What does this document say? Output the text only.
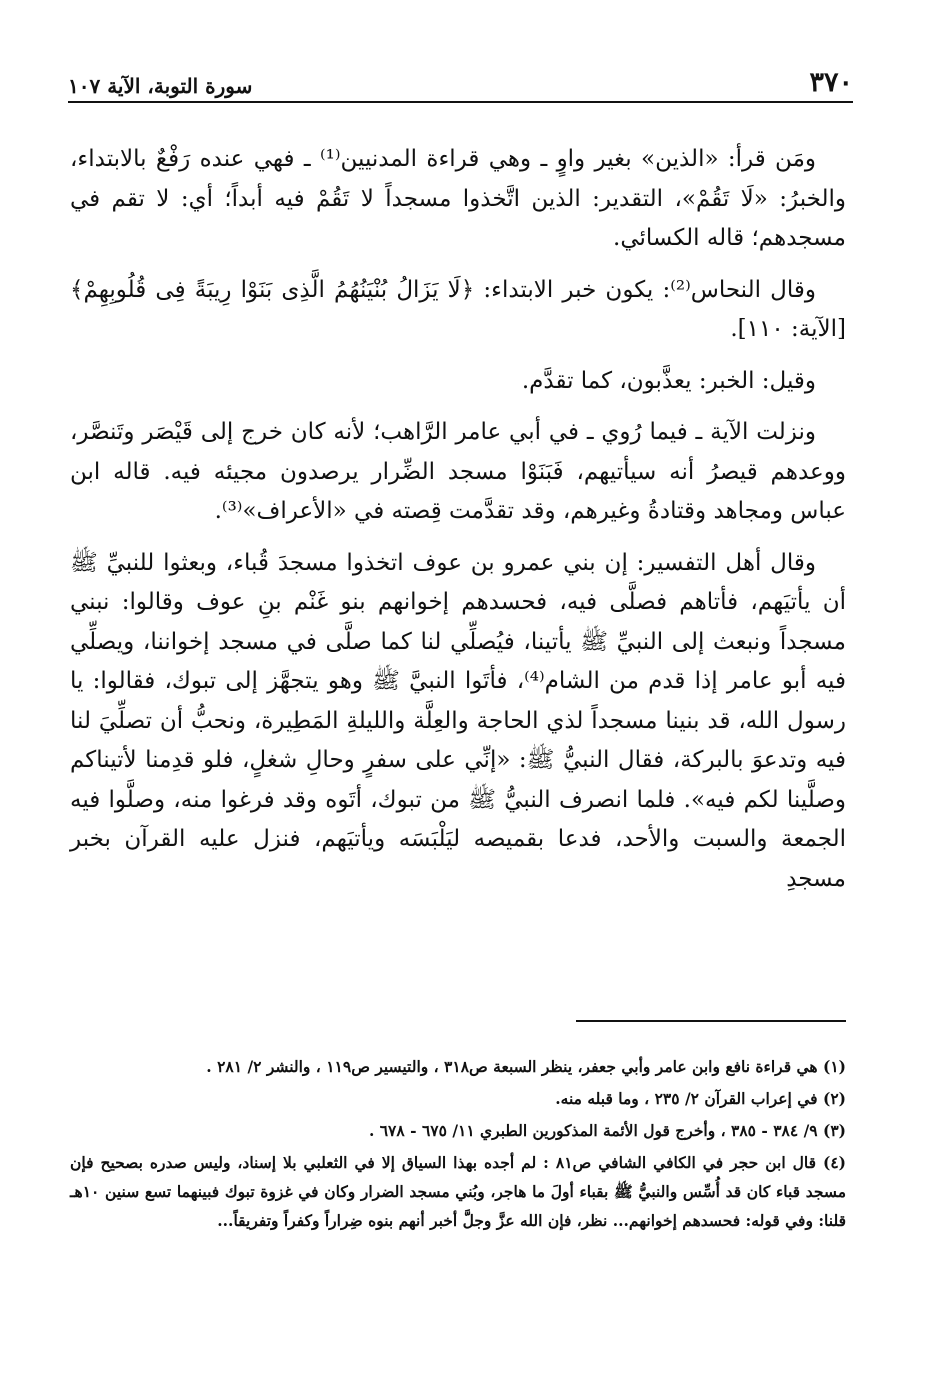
٣٧٠
سورة التوبة، الآية ١٠٧

ومَن قرأ: «الذين» بغير واوٍ ـ وهي قراءة المدنيين⁽¹⁾ ـ فهي عنده رَفْعٌ بالابتداء، والخبرُ: «لَا تَقُمْ»، التقدير: الذين اتَّخذوا مسجداً لا تَقُمْ فيه أبداً؛ أي: لا تقم في مسجدهم؛ قاله الكسائي.

وقال النحاس⁽²⁾: يكون خبر الابتداء: ﴿لَا يَزَالُ بُنْيَنُهُمُ الَّذِى بَنَوْا رِيبَةً فِى قُلُوبِهِمْ﴾ [الآية: ١١٠].

وقيل: الخبر: يعذَّبون، كما تقدَّم.

ونزلت الآية ـ فيما رُوي ـ في أبي عامر الرَّاهب؛ لأنه كان خرج إلى قَيْصَر وتَنصَّر، ووعدهم قيصرُ أنه سيأتيهم، فَبَنَوْا مسجد الضِّرار يرصدون مجيئه فيه. قاله ابن عباس ومجاهد وقتادةُ وغيرهم، وقد تقدَّمت قِصته في «الأعراف»⁽³⁾.

وقال أهل التفسير: إن بني عمرو بن عوف اتخذوا مسجدَ قُباء، وبعثوا للنبيِّ ﷺ أن يأتيَهم، فأتاهم فصلَّى فيه، فحسدهم إخوانهم بنو غَنْم بنِ عوف وقالوا: نبني مسجداً ونبعث إلى النبيِّ ﷺ يأتينا، فيُصلِّي لنا كما صلَّى في مسجد إخواننا، ويصلِّي فيه أبو عامر إذا قدم من الشام⁽⁴⁾، فأتَوا النبيَّ ﷺ وهو يتجهَّز إلى تبوك، فقالوا: يا رسول الله، قد بنينا مسجداً لذي الحاجة والعِلَّة والليلةِ المَطِيرة، ونحبُّ أن تصلِّيَ لنا فيه وتدعوَ بالبركة، فقال النبيُّ ﷺ: «إنِّي على سفرٍ وحالِ شغلٍ، فلو قدِمنا لأتيناكم وصلَّينا لكم فيه». فلما انصرف النبيُّ ﷺ من تبوك، أتَوه وقد فرغوا منه، وصلَّوا فيه الجمعة والسبت والأحد، فدعا بقميصه ليَلْبَسَه ويأتيَهم، فنزل عليه القرآن بخبر مسجدِ

(١) هي قراءة نافع وابن عامر وأبي جعفر، ينظر السبعة ص٣١٨ ، والتيسير ص١١٩ ، والنشر ٢/ ٢٨١ .

(٢) في إعراب القرآن ٢/ ٢٣٥ ، وما قبله منه.

(٣) ٩/ ٣٨٤ - ٣٨٥ ، وأخرج قول الأئمة المذكورين الطبري ١١/ ٦٧٥ - ٦٧٨ .

(٤) قال ابن حجر في الكافي الشافي ص٨١ : لم أجده بهذا السياق إلا في الثعلبي بلا إسناد، وليس صدره بصحيح فإن مسجد قباء كان قد أُسِّس والنبيُّ ﷺ بقباء أولَ ما هاجر، وبُني مسجد الضرار وكان في غزوة تبوك فبينهما تسع سنين ١٠هـ قلنا: وفي قوله: فحسدهم إخوانهم... نظر، فإن الله عزَّ وجلَّ أخبر أنهم بنوه ضِراراً وكفراً وتفريقاً...
